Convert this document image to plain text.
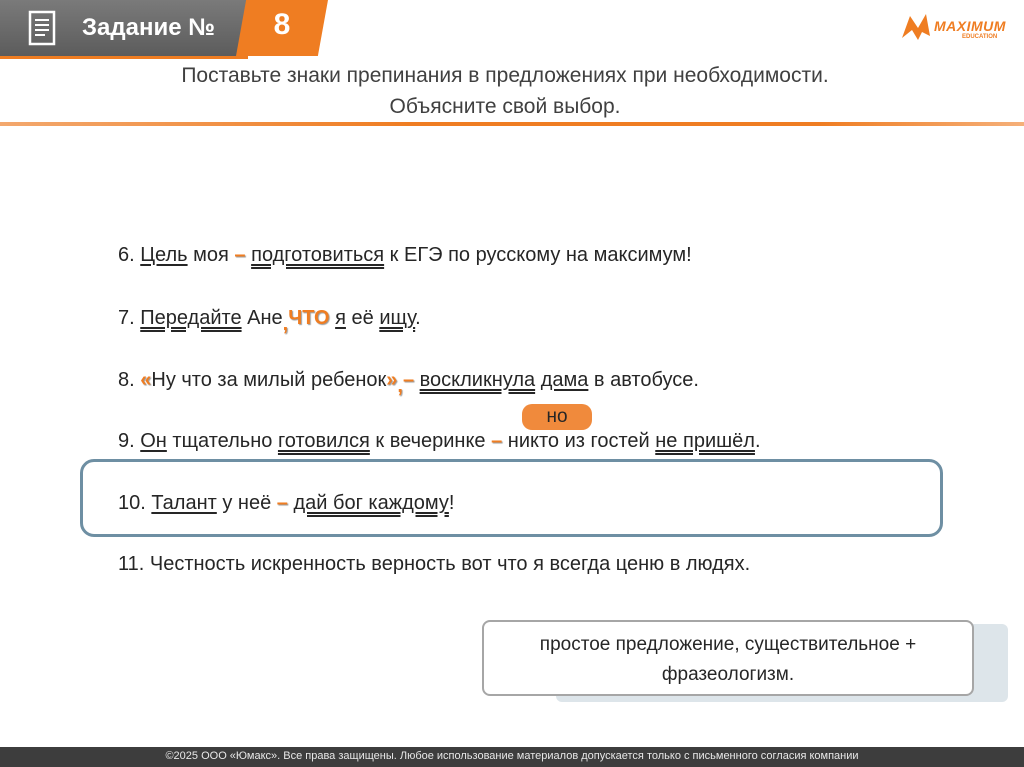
Задание №	8	MAXIMUM
EDUCATION
Поставьте знаки препинания в предложениях при необходимости.
Объясните свой выбор.
6. Цель моя – подготовиться к ЕГЭ по русскому на максимум!
7. Передайте Ане,ЧТО я её ищу.
8. «Ну что за милый ребенок»,– воскликнула дама в автобусе.
но
9. Он тщательно готовился к вечеринке – никто из гостей не пришёл.
10. Талант у неё – дай бог каждому!
11. Честность искренность верность вот что я всегда ценю в людях.
простое предложение, существительное +
фразеологизм.
©2025 ООО «Юмакс». Все права защищены. Любое использование материалов допускается только с письменного согласия компании
